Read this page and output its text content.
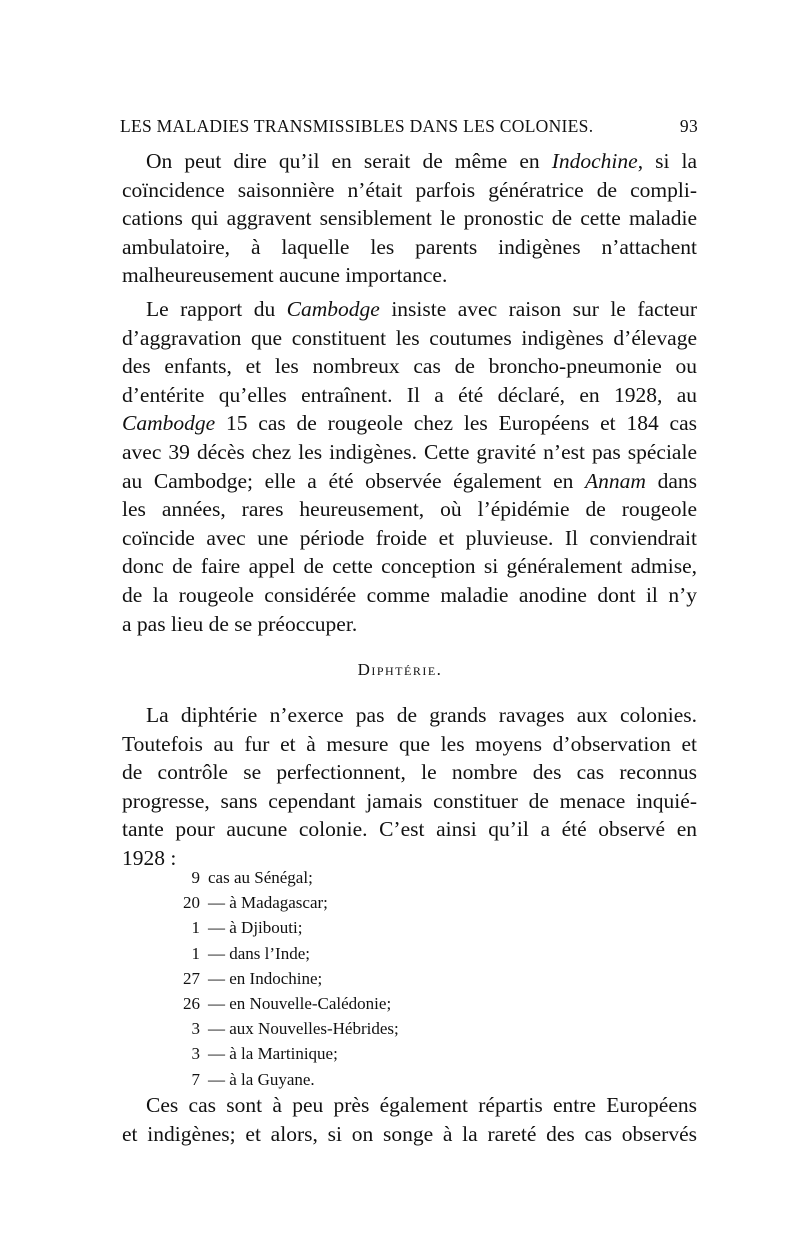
LES MALADIES TRANSMISSIBLES DANS LES COLONIES.	93
On peut dire qu’il en serait de même en Indochine, si la
coïncidence saisonnière n’était parfois génératrice de compli-
cations qui aggravent sensiblement le pronostic de cette maladie
ambulatoire, à laquelle les parents indigènes n’attachent
malheureusement aucune importance.
Le rapport du Cambodge insiste avec raison sur le facteur
d’aggravation que constituent les coutumes indigènes d’élevage
des enfants, et les nombreux cas de broncho-pneumonie ou
d’entérite qu’elles entraînent. Il a été déclaré, en 1928, au
Cambodge 15 cas de rougeole chez les Européens et 184 cas
avec 39 décès chez les indigènes. Cette gravité n’est pas spéciale
au Cambodge; elle a été observée également en Annam dans
les années, rares heureusement, où l’épidémie de rougeole
coïncide avec une période froide et pluvieuse. Il conviendrait
donc de faire appel de cette conception si généralement admise,
de la rougeole considérée comme maladie anodine dont il n’y
a pas lieu de se préoccuper.
Diphtérie.
La diphtérie n’exerce pas de grands ravages aux colonies.
Toutefois au fur et à mesure que les moyens d’observation et
de contrôle se perfectionnent, le nombre des cas reconnus
progresse, sans cependant jamais constituer de menace inquié-
tante pour aucune colonie. C’est ainsi qu’il a été observé en
1928 :
9 cas au Sénégal;
20 — à Madagascar;
1 — à Djibouti;
1 — dans l’Inde;
27 — en Indochine;
26 — en Nouvelle-Calédonie;
3 — aux Nouvelles-Hébrides;
3 — à la Martinique;
7 — à la Guyane.
Ces cas sont à peu près également répartis entre Européens
et indigènes; et alors, si on songe à la rareté des cas observés
